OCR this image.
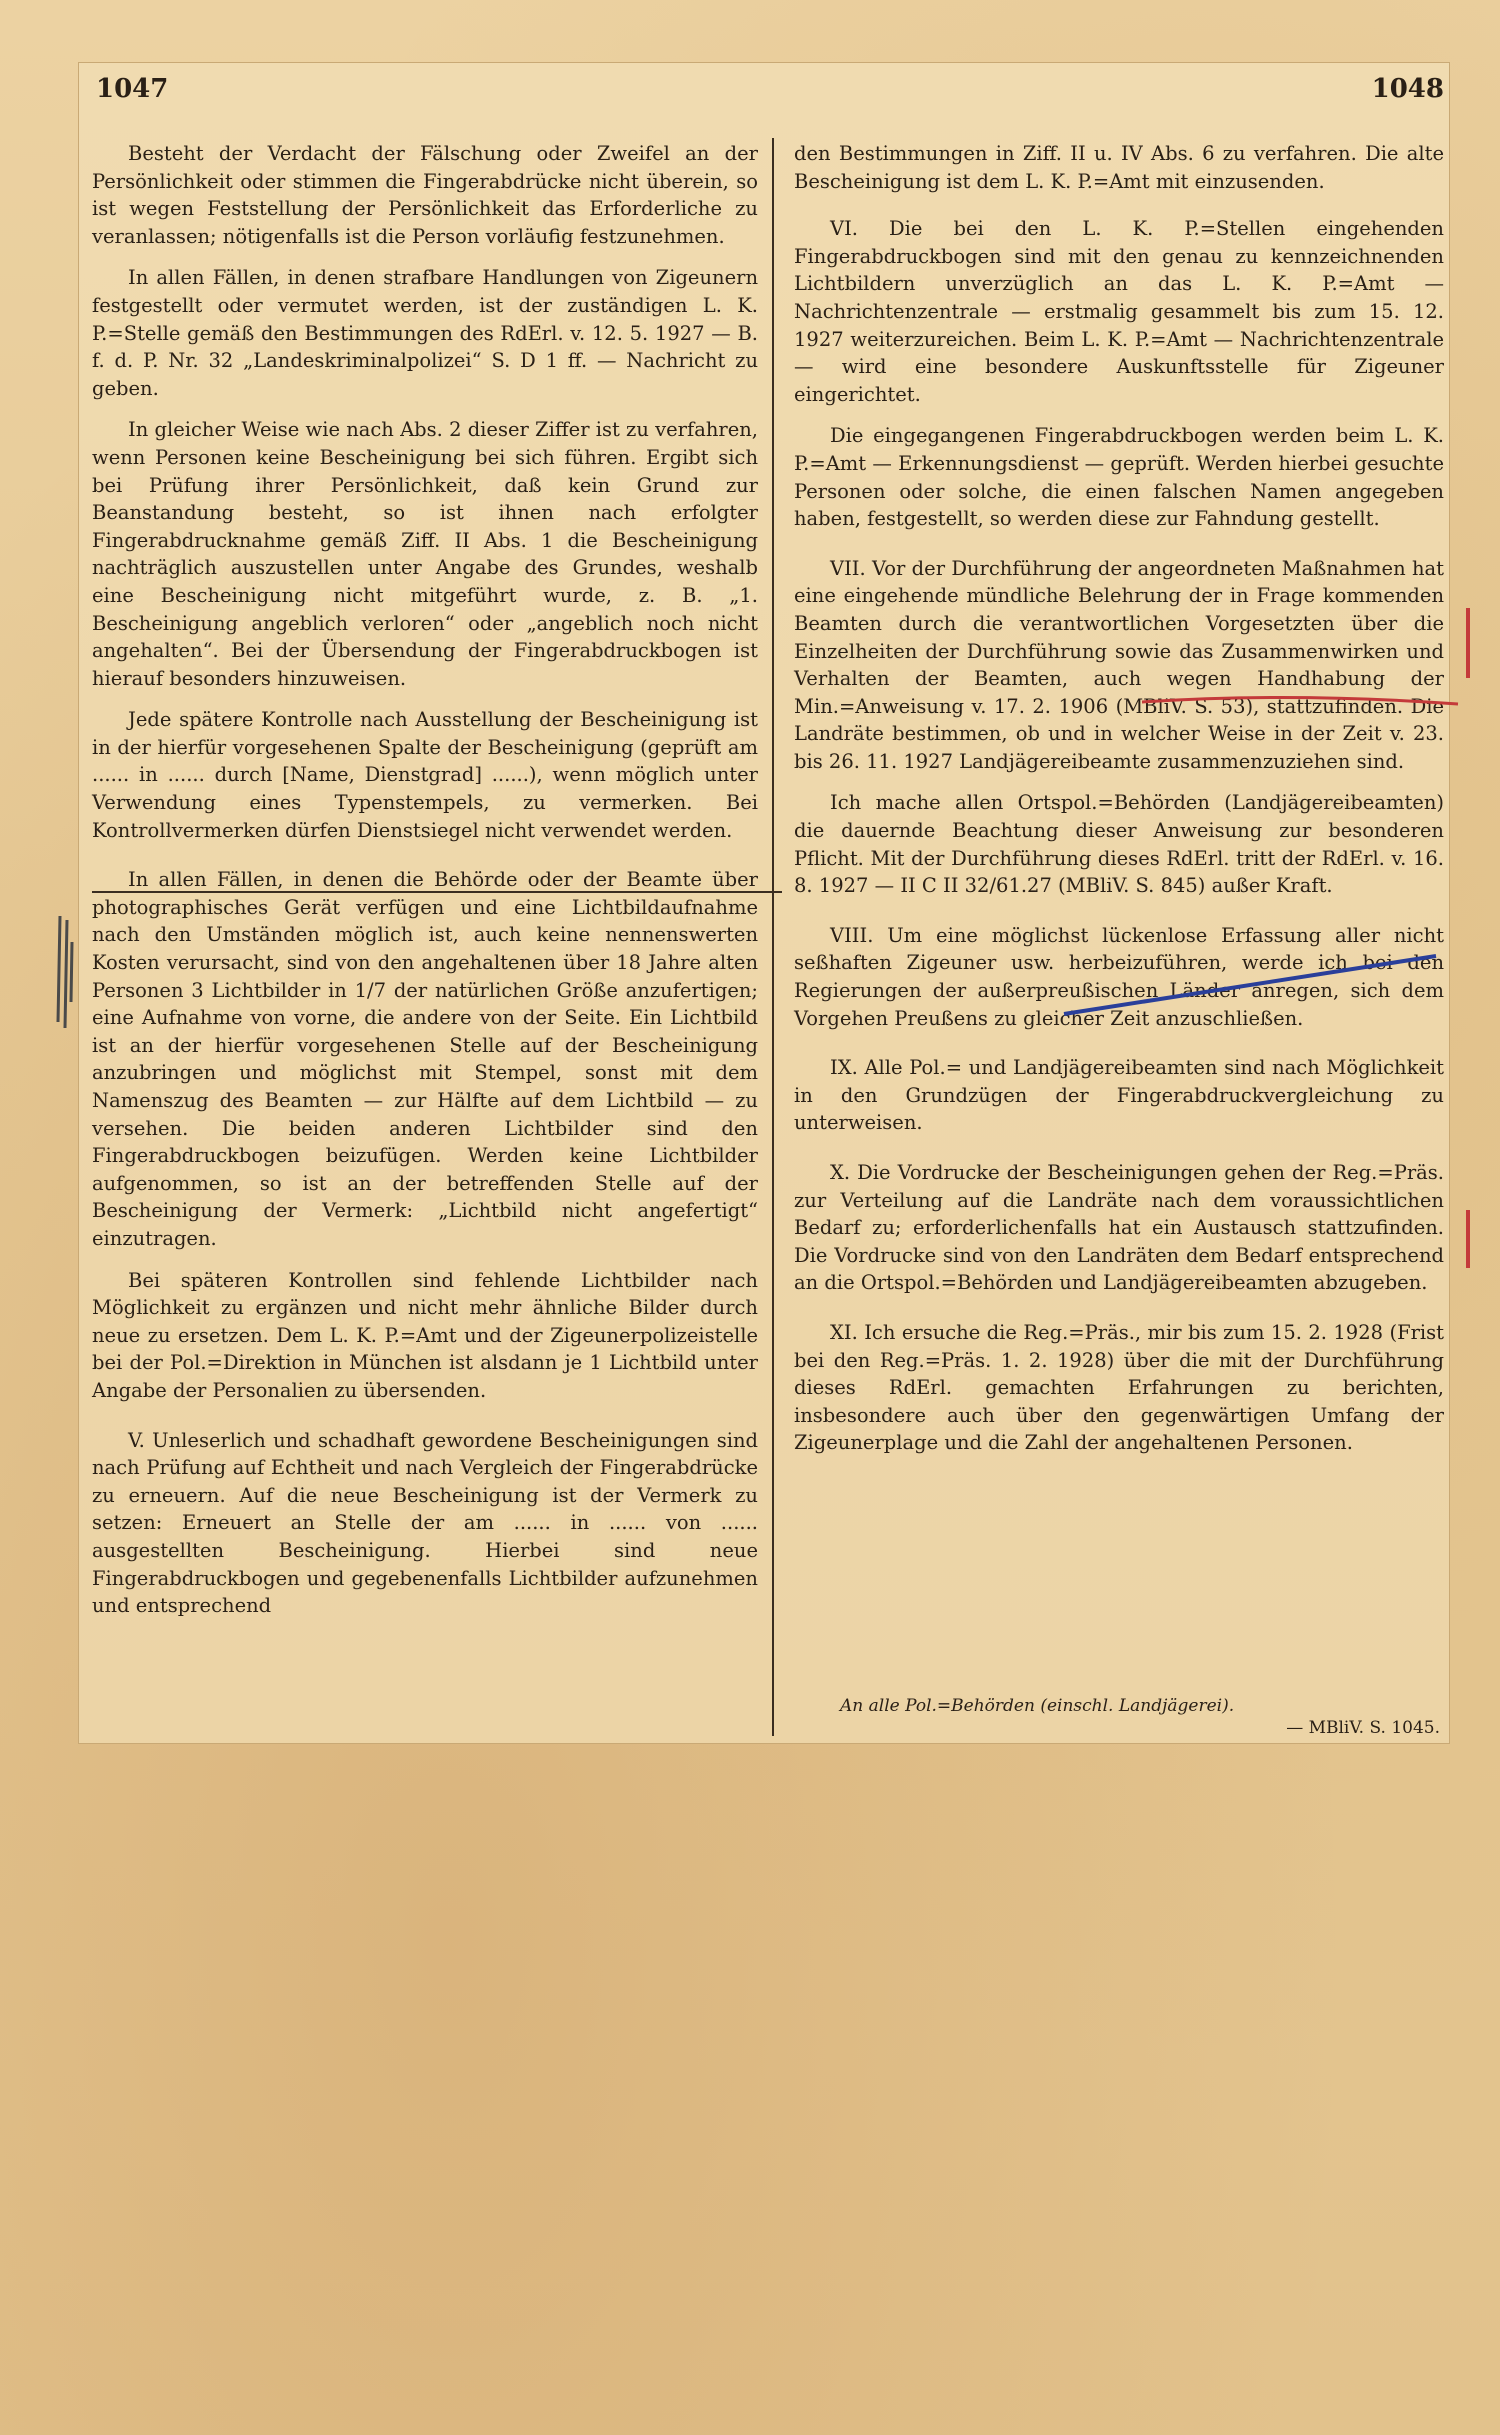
1047	1048

Besteht der Verdacht der Fälschung oder Zweifel an der Persönlichkeit oder stimmen die Fingerabdrücke nicht überein, so ist wegen Feststellung der Persönlichkeit das Erforderliche zu veranlassen; nötigenfalls ist die Person vorläufig festzunehmen.

In allen Fällen, in denen strafbare Handlungen von Zigeunern festgestellt oder vermutet werden, ist der zuständigen L. K. P.=Stelle gemäß den Bestimmungen des RdErl. v. 12. 5. 1927 — B. f. d. P. Nr. 32 „Landeskriminalpolizei“ S. D 1 ff. — Nachricht zu geben.

In gleicher Weise wie nach Abs. 2 dieser Ziffer ist zu verfahren, wenn Personen keine Bescheinigung bei sich führen. Ergibt sich bei Prüfung ihrer Persönlichkeit, daß kein Grund zur Beanstandung besteht, so ist ihnen nach erfolgter Fingerabdrucknahme gemäß Ziff. II Abs. 1 die Bescheinigung nachträglich auszustellen unter Angabe des Grundes, weshalb eine Bescheinigung nicht mitgeführt wurde, z. B. „1. Bescheinigung angeblich verloren“ oder „angeblich noch nicht angehalten“. Bei der Übersendung der Fingerabdruckbogen ist hierauf besonders hinzuweisen.

Jede spätere Kontrolle nach Ausstellung der Bescheinigung ist in der hierfür vorgesehenen Spalte der Bescheinigung (geprüft am ...... in ...... durch [Name, Dienstgrad] ......), wenn möglich unter Verwendung eines Typenstempels, zu vermerken. Bei Kontrollvermerken dürfen Dienstsiegel nicht verwendet werden.

In allen Fällen, in denen die Behörde oder der Beamte über photographisches Gerät verfügen und eine Lichtbildaufnahme nach den Umständen möglich ist, auch keine nennenswerten Kosten verursacht, sind von den angehaltenen über 18 Jahre alten Personen 3 Lichtbilder in 1/7 der natürlichen Größe anzufertigen; eine Aufnahme von vorne, die andere von der Seite. Ein Lichtbild ist an der hierfür vorgesehenen Stelle auf der Bescheinigung anzubringen und möglichst mit Stempel, sonst mit dem Namenszug des Beamten — zur Hälfte auf dem Lichtbild — zu versehen. Die beiden anderen Lichtbilder sind den Fingerabdruckbogen beizufügen. Werden keine Lichtbilder aufgenommen, so ist an der betreffenden Stelle auf der Bescheinigung der Vermerk: „Lichtbild nicht angefertigt“ einzutragen.

Bei späteren Kontrollen sind fehlende Lichtbilder nach Möglichkeit zu ergänzen und nicht mehr ähnliche Bilder durch neue zu ersetzen. Dem L. K. P.=Amt und der Zigeunerpolizeistelle bei der Pol.=Direktion in München ist alsdann je 1 Lichtbild unter Angabe der Personalien zu übersenden.

V. Unleserlich und schadhaft gewordene Bescheinigungen sind nach Prüfung auf Echtheit und nach Vergleich der Fingerabdrücke zu erneuern. Auf die neue Bescheinigung ist der Vermerk zu setzen: Erneuert an Stelle der am ...... in ...... von ...... ausgestellten Bescheinigung. Hierbei sind neue Fingerabdruckbogen und gegebenenfalls Lichtbilder aufzunehmen und entsprechend

den Bestimmungen in Ziff. II u. IV Abs. 6 zu verfahren. Die alte Bescheinigung ist dem L. K. P.=Amt mit einzusenden.

VI. Die bei den L. K. P.=Stellen eingehenden Fingerabdruckbogen sind mit den genau zu kennzeichnenden Lichtbildern unverzüglich an das L. K. P.=Amt — Nachrichtenzentrale — erstmalig gesammelt bis zum 15. 12. 1927 weiterzureichen. Beim L. K. P.=Amt — Nachrichtenzentrale — wird eine besondere Auskunftsstelle für Zigeuner eingerichtet.

Die eingegangenen Fingerabdruckbogen werden beim L. K. P.=Amt — Erkennungsdienst — geprüft. Werden hierbei gesuchte Personen oder solche, die einen falschen Namen angegeben haben, festgestellt, so werden diese zur Fahndung gestellt.

VII. Vor der Durchführung der angeordneten Maßnahmen hat eine eingehende mündliche Belehrung der in Frage kommenden Beamten durch die verantwortlichen Vorgesetzten über die Einzelheiten der Durchführung sowie das Zusammenwirken und Verhalten der Beamten, auch wegen Handhabung der Min.=Anweisung v. 17. 2. 1906 (MBliV. S. 53), stattzufinden. Die Landräte bestimmen, ob und in welcher Weise in der Zeit v. 23. bis 26. 11. 1927 Landjägereibeamte zusammenzuziehen sind.

Ich mache allen Ortspol.=Behörden (Landjägereibeamten) die dauernde Beachtung dieser Anweisung zur besonderen Pflicht. Mit der Durchführung dieses RdErl. tritt der RdErl. v. 16. 8. 1927 — II C II 32/61.27 (MBliV. S. 845) außer Kraft.

VIII. Um eine möglichst lückenlose Erfassung aller nicht seßhaften Zigeuner usw. herbeizuführen, werde ich bei den Regierungen der außerpreußischen Länder anregen, sich dem Vorgehen Preußens zu gleicher Zeit anzuschließen.

IX. Alle Pol.= und Landjägereibeamten sind nach Möglichkeit in den Grundzügen der Fingerabdruckvergleichung zu unterweisen.

X. Die Vordrucke der Bescheinigungen gehen der Reg.=Präs. zur Verteilung auf die Landräte nach dem voraussichtlichen Bedarf zu; erforderlichenfalls hat ein Austausch stattzufinden. Die Vordrucke sind von den Landräten dem Bedarf entsprechend an die Ortspol.=Behörden und Landjägereibeamten abzugeben.

XI. Ich ersuche die Reg.=Präs., mir bis zum 15. 2. 1928 (Frist bei den Reg.=Präs. 1. 2. 1928) über die mit der Durchführung dieses RdErl. gemachten Erfahrungen zu berichten, insbesondere auch über den gegenwärtigen Umfang der Zigeunerplage und die Zahl der angehaltenen Personen.

An alle Pol.=Behörden (einschl. Landjägerei).
— MBliV. S. 1045.
